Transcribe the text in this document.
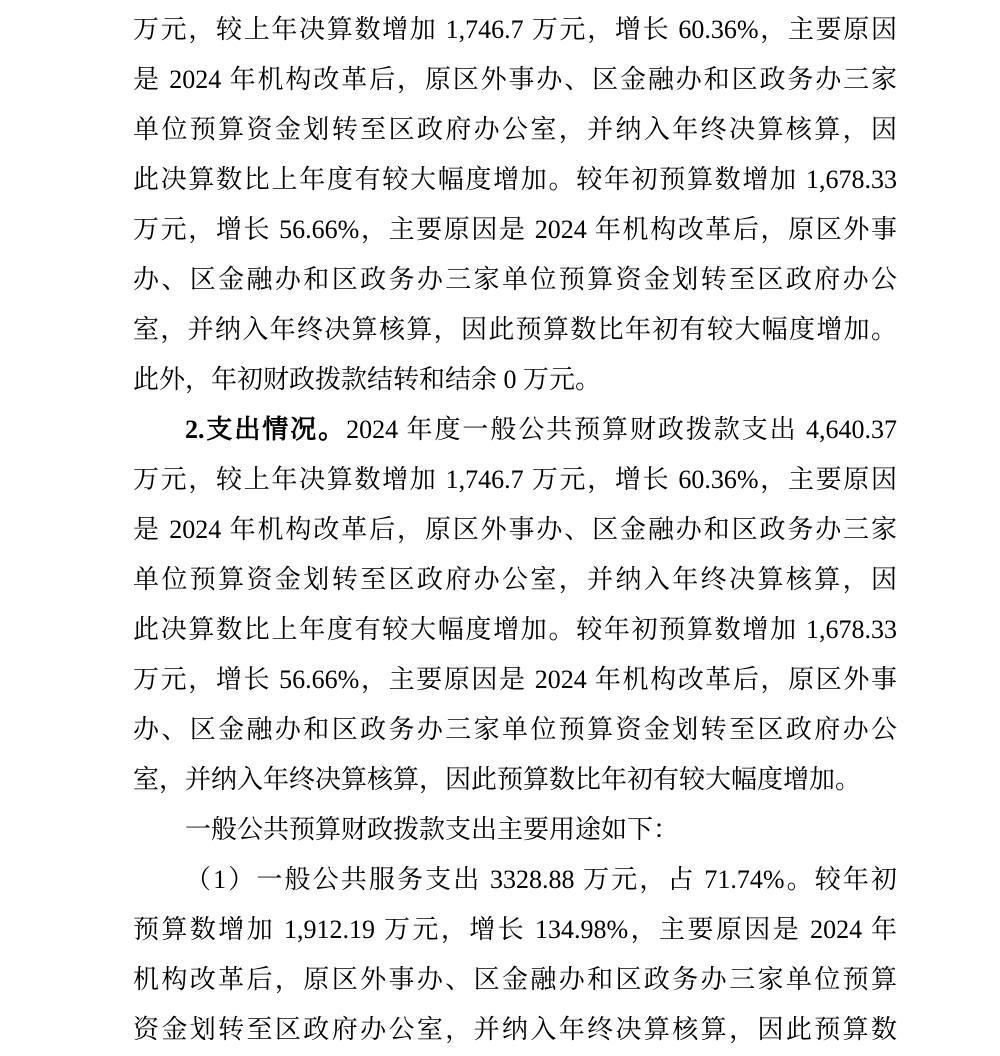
万元，较上年决算数增加 1,746.7 万元，增长 60.36%，主要原因
是 2024 年机构改革后，原区外事办、区金融办和区政务办三家
单位预算资金划转至区政府办公室，并纳入年终决算核算，因
此决算数比上年度有较大幅度增加。较年初预算数增加 1,678.33
万元，增长 56.66%，主要原因是 2024 年机构改革后，原区外事
办、区金融办和区政务办三家单位预算资金划转至区政府办公
室，并纳入年终决算核算，因此预算数比年初有较大幅度增加。
此外，年初财政拨款结转和结余 0 万元。
2.支出情况。2024 年度一般公共预算财政拨款支出 4,640.37
万元，较上年决算数增加 1,746.7 万元，增长 60.36%，主要原因
是 2024 年机构改革后，原区外事办、区金融办和区政务办三家
单位预算资金划转至区政府办公室，并纳入年终决算核算，因
此决算数比上年度有较大幅度增加。较年初预算数增加 1,678.33
万元，增长 56.66%，主要原因是 2024 年机构改革后，原区外事
办、区金融办和区政务办三家单位预算资金划转至区政府办公
室，并纳入年终决算核算，因此预算数比年初有较大幅度增加。
一般公共预算财政拨款支出主要用途如下：
（1）一般公共服务支出 3328.88 万元，占 71.74%。较年初
预算数增加 1,912.19 万元，增长 134.98%，主要原因是 2024 年
机构改革后，原区外事办、区金融办和区政务办三家单位预算
资金划转至区政府办公室，并纳入年终决算核算，因此预算数
